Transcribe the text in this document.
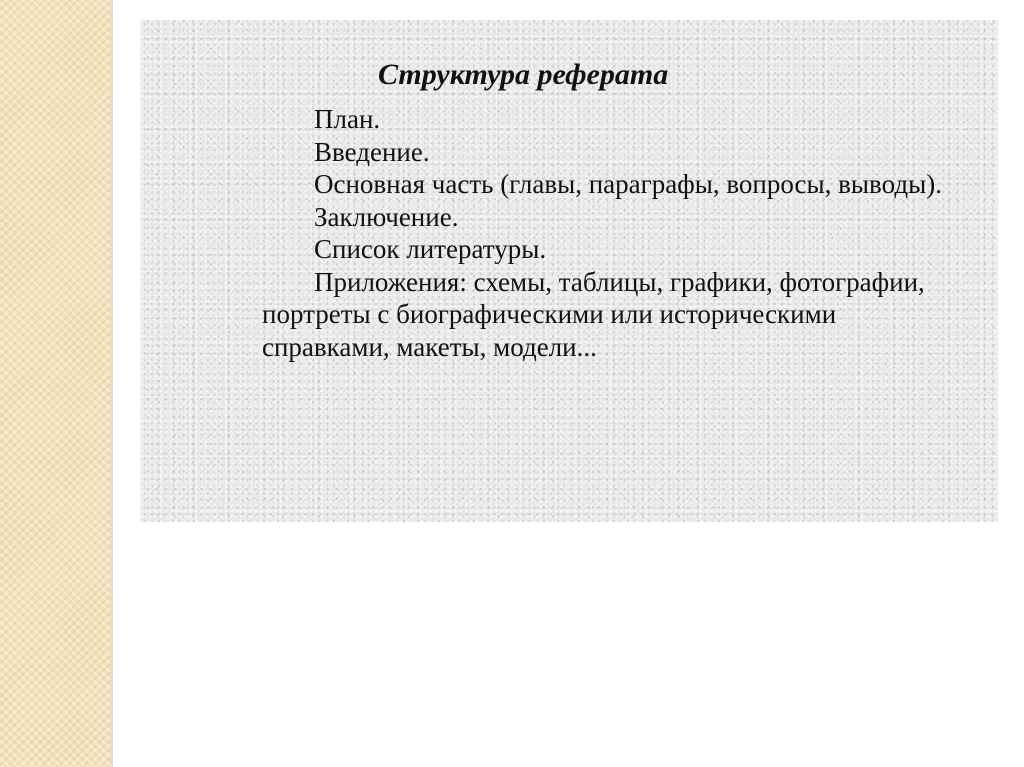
Структура реферата
План.
Введение.
Основная часть (главы, параграфы, вопросы, выводы).
Заключение.
Список литературы.
Приложения: схемы, таблицы, графики, фотографии, портреты с биографическими или историческими справками, макеты, модели...
